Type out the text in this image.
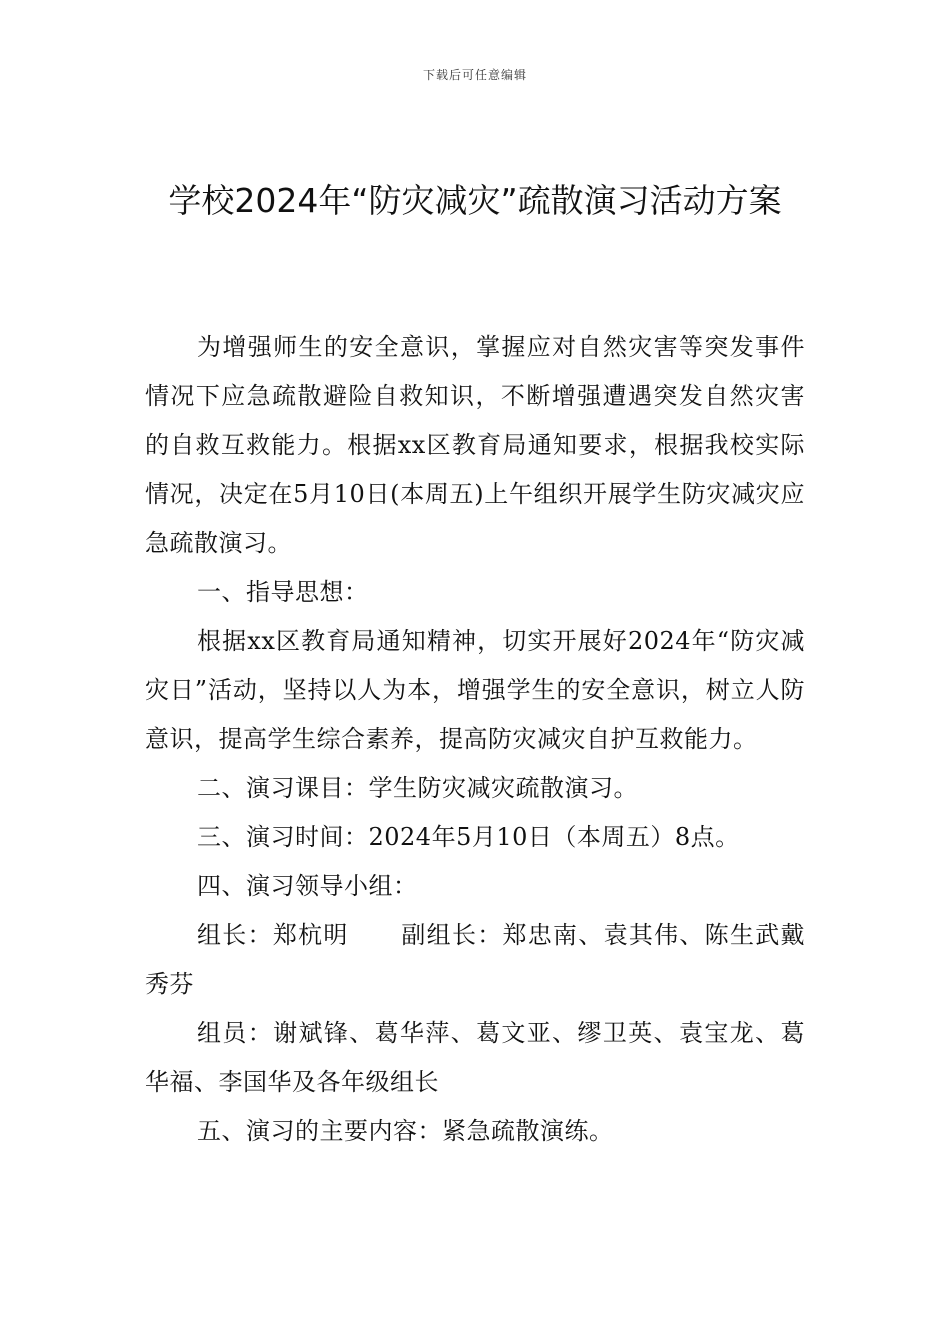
下载后可任意编辑
学校2024年“防灾减灾”疏散演习活动方案

为增强师生的安全意识，掌握应对自然灾害等突发事件情况下应急疏散避险自救知识，不断增强遭遇突发自然灾害的自救互救能力。根据xx区教育局通知要求，根据我校实际情况，决定在5月10日(本周五)上午组织开展学生防灾减灾应急疏散演习。

一、指导思想：

根据xx区教育局通知精神，切实开展好2024年“防灾减灾日”活动，坚持以人为本，增强学生的安全意识，树立人防意识，提高学生综合素养，提高防灾减灾自护互救能力。

二、演习课目：学生防灾减灾疏散演习。

三、演习时间：2024年5月10日（本周五）8点。

四、演习领导小组：

组长：郑杭明 副组长：郑忠南、袁其伟、陈生武戴秀芬

组员：谢斌锋、葛华萍、葛文亚、缪卫英、袁宝龙、葛华福、李国华及各年级组长

五、演习的主要内容：紧急疏散演练。
